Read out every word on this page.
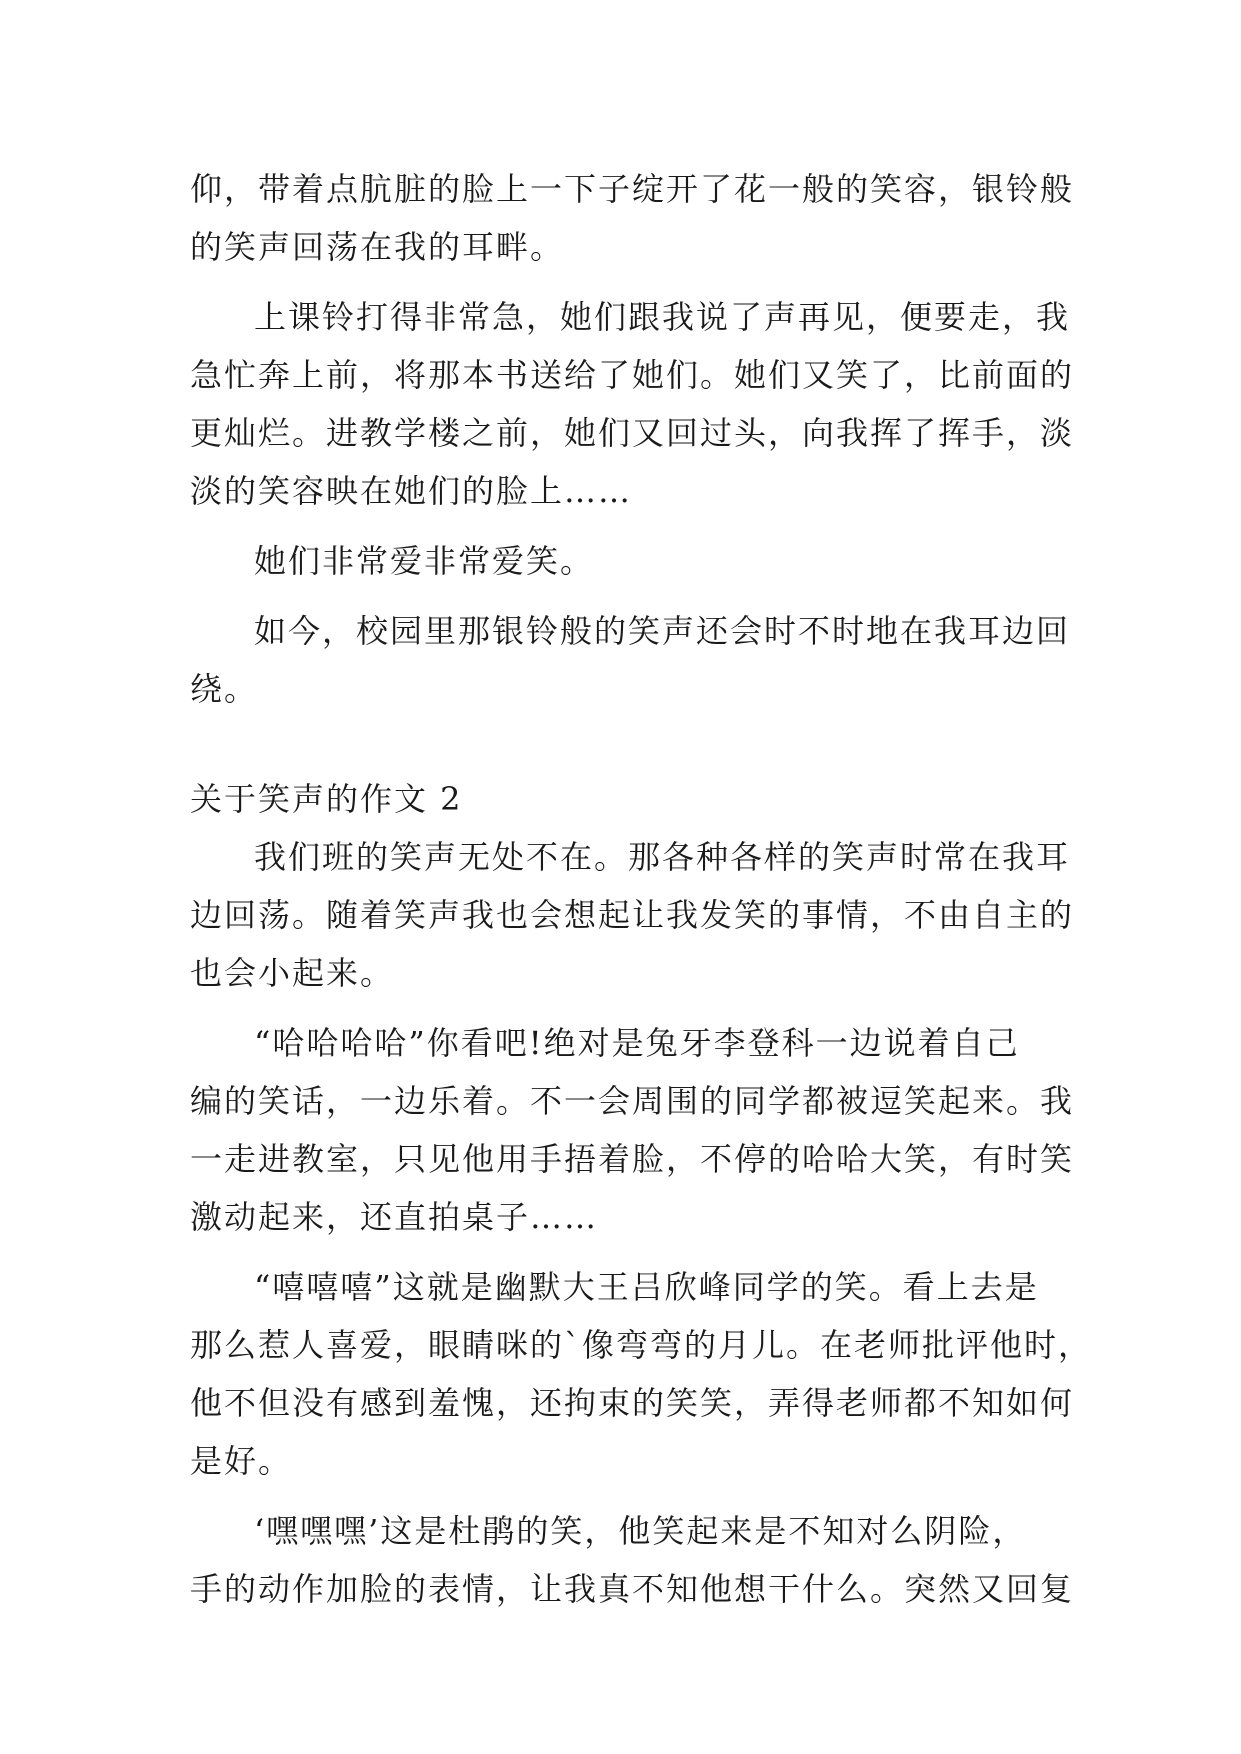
仰，带着点肮脏的脸上一下子绽开了花一般的笑容，银铃般
的笑声回荡在我的耳畔。
上课铃打得非常急，她们跟我说了声再见，便要走，我
急忙奔上前，将那本书送给了她们。她们又笑了，比前面的
更灿烂。进教学楼之前，她们又回过头，向我挥了挥手，淡
淡的笑容映在她们的脸上……
她们非常爱非常爱笑。
如今，校园里那银铃般的笑声还会时不时地在我耳边回
绕。
关于笑声的作文 2
我们班的笑声无处不在。那各种各样的笑声时常在我耳
边回荡。随着笑声我也会想起让我发笑的事情，不由自主的
也会小起来。
“哈哈哈哈”你看吧!绝对是兔牙李登科一边说着自己
编的笑话，一边乐着。不一会周围的同学都被逗笑起来。我
一走进教室，只见他用手捂着脸，不停的哈哈大笑，有时笑
激动起来，还直拍桌子……
“嘻嘻嘻”这就是幽默大王吕欣峰同学的笑。看上去是
那么惹人喜爱，眼睛咪的`像弯弯的月儿。在老师批评他时，
他不但没有感到羞愧，还拘束的笑笑，弄得老师都不知如何
是好。
‘嘿嘿嘿’这是杜鹃的笑，他笑起来是不知对么阴险，
手的动作加脸的表情，让我真不知他想干什么。突然又回复
